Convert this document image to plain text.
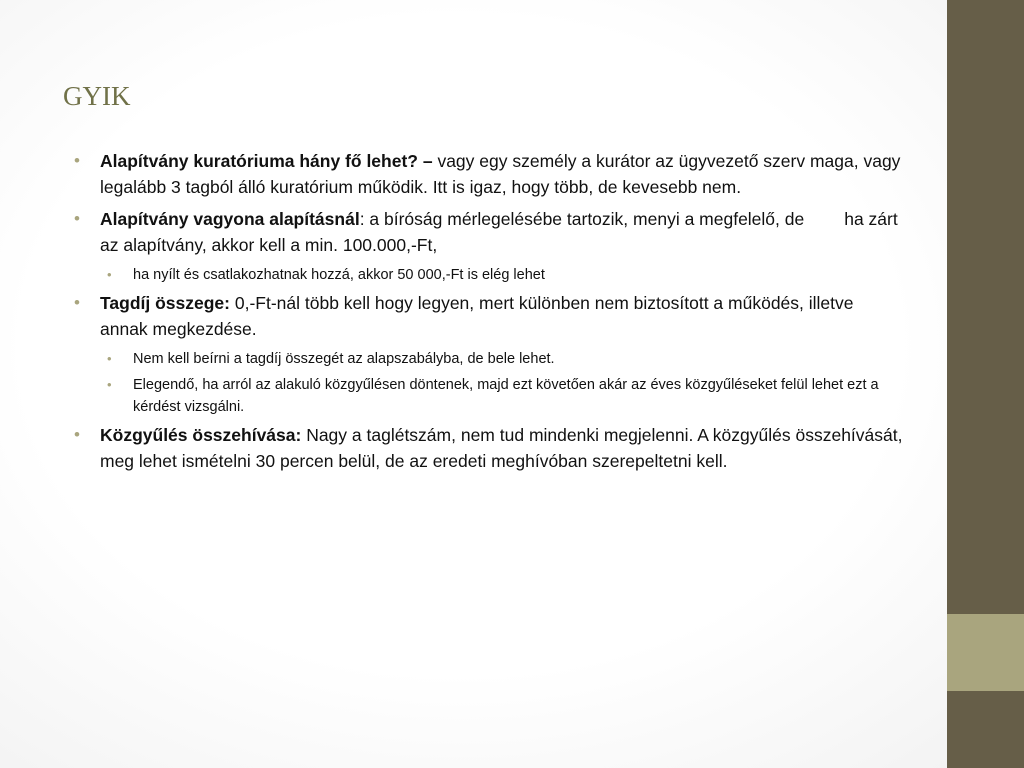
GYIK
• Alapítvány kuratóriuma hány fő lehet? – vagy egy személy a kurátor az ügyvezető szerv maga, vagy legalább 3 tagból álló kuratórium működik. Itt is igaz, hogy több, de kevesebb nem.
• Alapítvány vagyona alapításnál: a bíróság mérlegelésébe tartozik, menyi a megfelelő, de ha zárt az alapítvány, akkor kell a min. 100.000,-Ft,
• ha nyílt és csatlakozhatnak hozzá, akkor 50 000,-Ft is elég lehet
• Tagdíj összege: 0,-Ft-nál több kell hogy legyen, mert különben nem biztosított a működés, illetve annak megkezdése.
• Nem kell beírni a tagdíj összegét az alapszabályba, de bele lehet.
• Elegendő, ha arról az alakuló közgyűlésen döntenek, majd ezt követően akár az éves közgyűléseket felül lehet ezt a kérdést vizsgálni.
• Közgyűlés összehívása: Nagy a taglétszám, nem tud mindenki megjelenni. A közgyűlés összehívását, meg lehet ismételni 30 percen belül, de az eredeti meghívóban szerepeltetni kell.
